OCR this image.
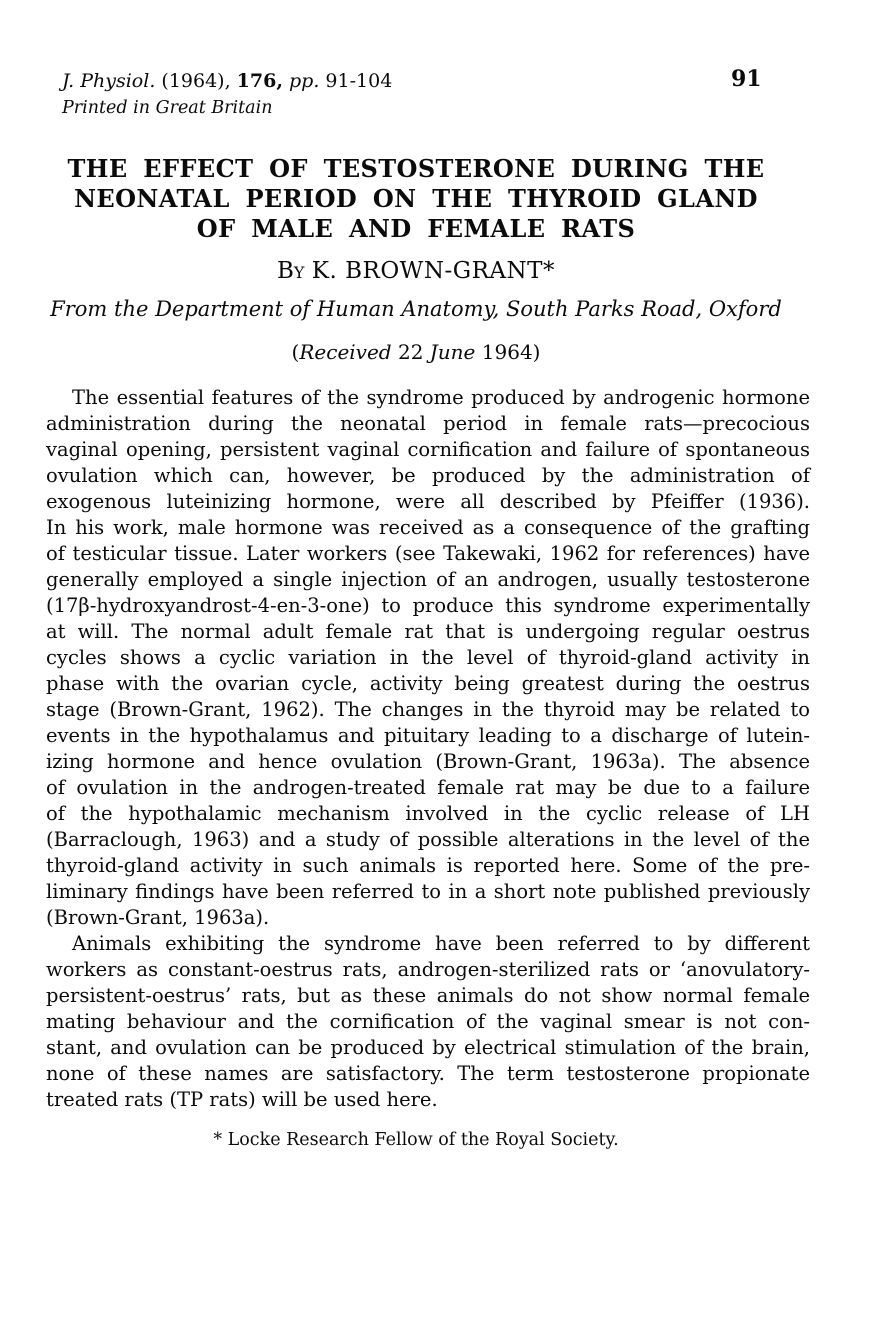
J. Physiol. (1964), 176, pp. 91-104	91
Printed in Great Britain
THE EFFECT OF TESTOSTERONE DURING THE
NEONATAL PERIOD ON THE THYROID GLAND
OF MALE AND FEMALE RATS
By K. BROWN-GRANT*
From the Department of Human Anatomy, South Parks Road, Oxford
(Received 22 June 1964)
The essential features of the syndrome produced by androgenic hormone
administration during the neonatal period in female rats—precocious
vaginal opening, persistent vaginal cornification and failure of spontaneous
ovulation which can, however, be produced by the administration of
exogenous luteinizing hormone, were all described by Pfeiffer (1936).
In his work, male hormone was received as a consequence of the grafting
of testicular tissue. Later workers (see Takewaki, 1962 for references) have
generally employed a single injection of an androgen, usually testosterone
(17β-hydroxyandrost-4-en-3-one) to produce this syndrome experimentally
at will. The normal adult female rat that is undergoing regular oestrus
cycles shows a cyclic variation in the level of thyroid-gland activity in
phase with the ovarian cycle, activity being greatest during the oestrus
stage (Brown-Grant, 1962). The changes in the thyroid may be related to
events in the hypothalamus and pituitary leading to a discharge of lutein-
izing hormone and hence ovulation (Brown-Grant, 1963a). The absence
of ovulation in the androgen-treated female rat may be due to a failure
of the hypothalamic mechanism involved in the cyclic release of LH
(Barraclough, 1963) and a study of possible alterations in the level of the
thyroid-gland activity in such animals is reported here. Some of the pre-
liminary findings have been referred to in a short note published previously
(Brown-Grant, 1963a).
Animals exhibiting the syndrome have been referred to by different
workers as constant-oestrus rats, androgen-sterilized rats or ‘anovulatory-
persistent-oestrus’ rats, but as these animals do not show normal female
mating behaviour and the cornification of the vaginal smear is not con-
stant, and ovulation can be produced by electrical stimulation of the brain,
none of these names are satisfactory. The term testosterone propionate
treated rats (TP rats) will be used here.
* Locke Research Fellow of the Royal Society.
